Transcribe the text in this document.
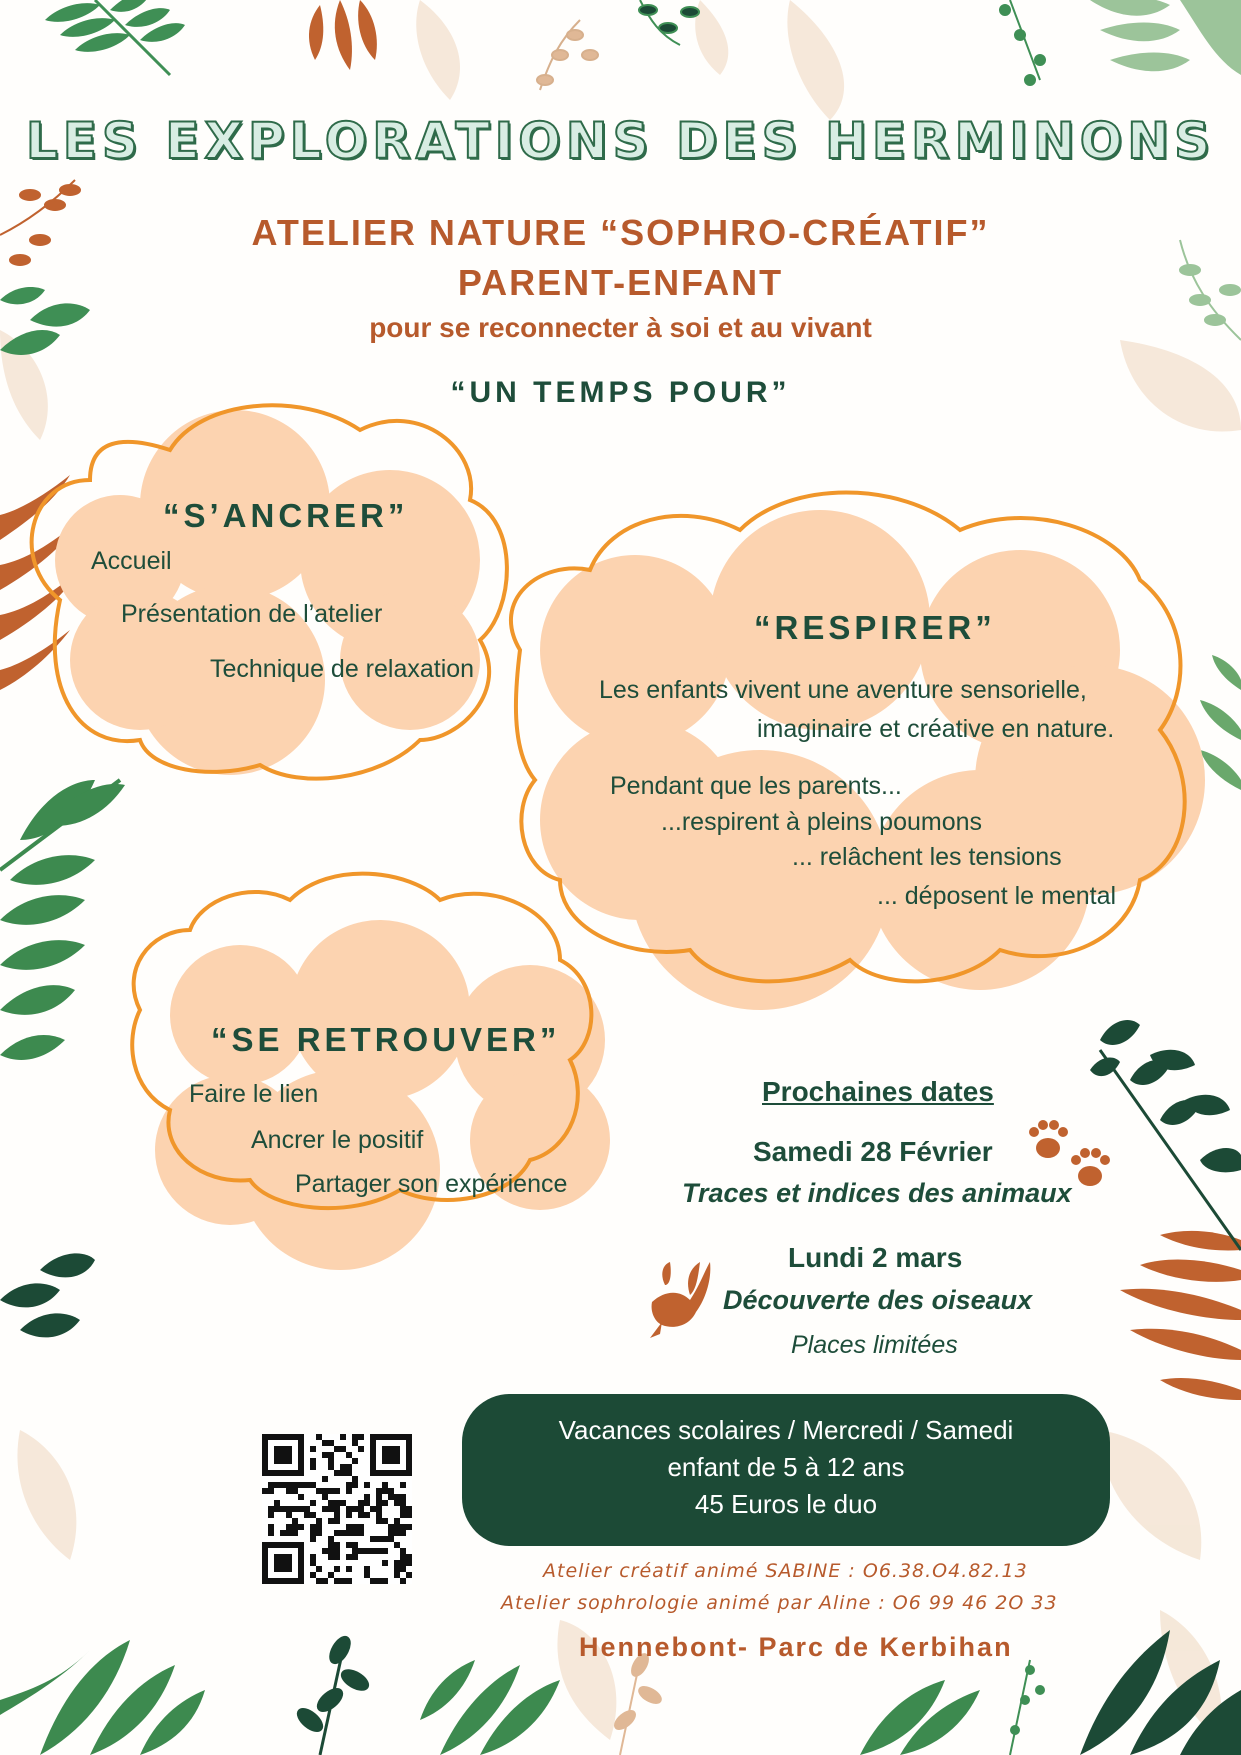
LES EXPLORATIONS DES HERMINONS

ATELIER NATURE “SOPHRO-CRÉATIF”

PARENT-ENFANT

pour se reconnecter à soi et au vivant

“UN TEMPS POUR”

“S’ANCRER”

Accueil

Présentation de l’atelier

Technique de relaxation

“RESPIRER”

Les enfants vivent une aventure sensorielle,

imaginaire et créative en nature.

Pendant que les parents...

...respirent à pleins poumons

... relâchent les tensions

... déposent le mental

“SE RETROUVER”

Faire le lien

Ancrer le positif

Partager son expérience

Prochaines dates

Samedi 28 Février

Traces et indices des animaux

Lundi 2 mars

Découverte des oiseaux

Places limitées

Vacances scolaires / Mercredi / Samedi

enfant de 5 à 12 ans

45 Euros le duo

Atelier créatif animé SABINE : O6.38.O4.82.13

Atelier sophrologie animé par Aline : O6 99 46 2O 33

Hennebont- Parc de Kerbihan
